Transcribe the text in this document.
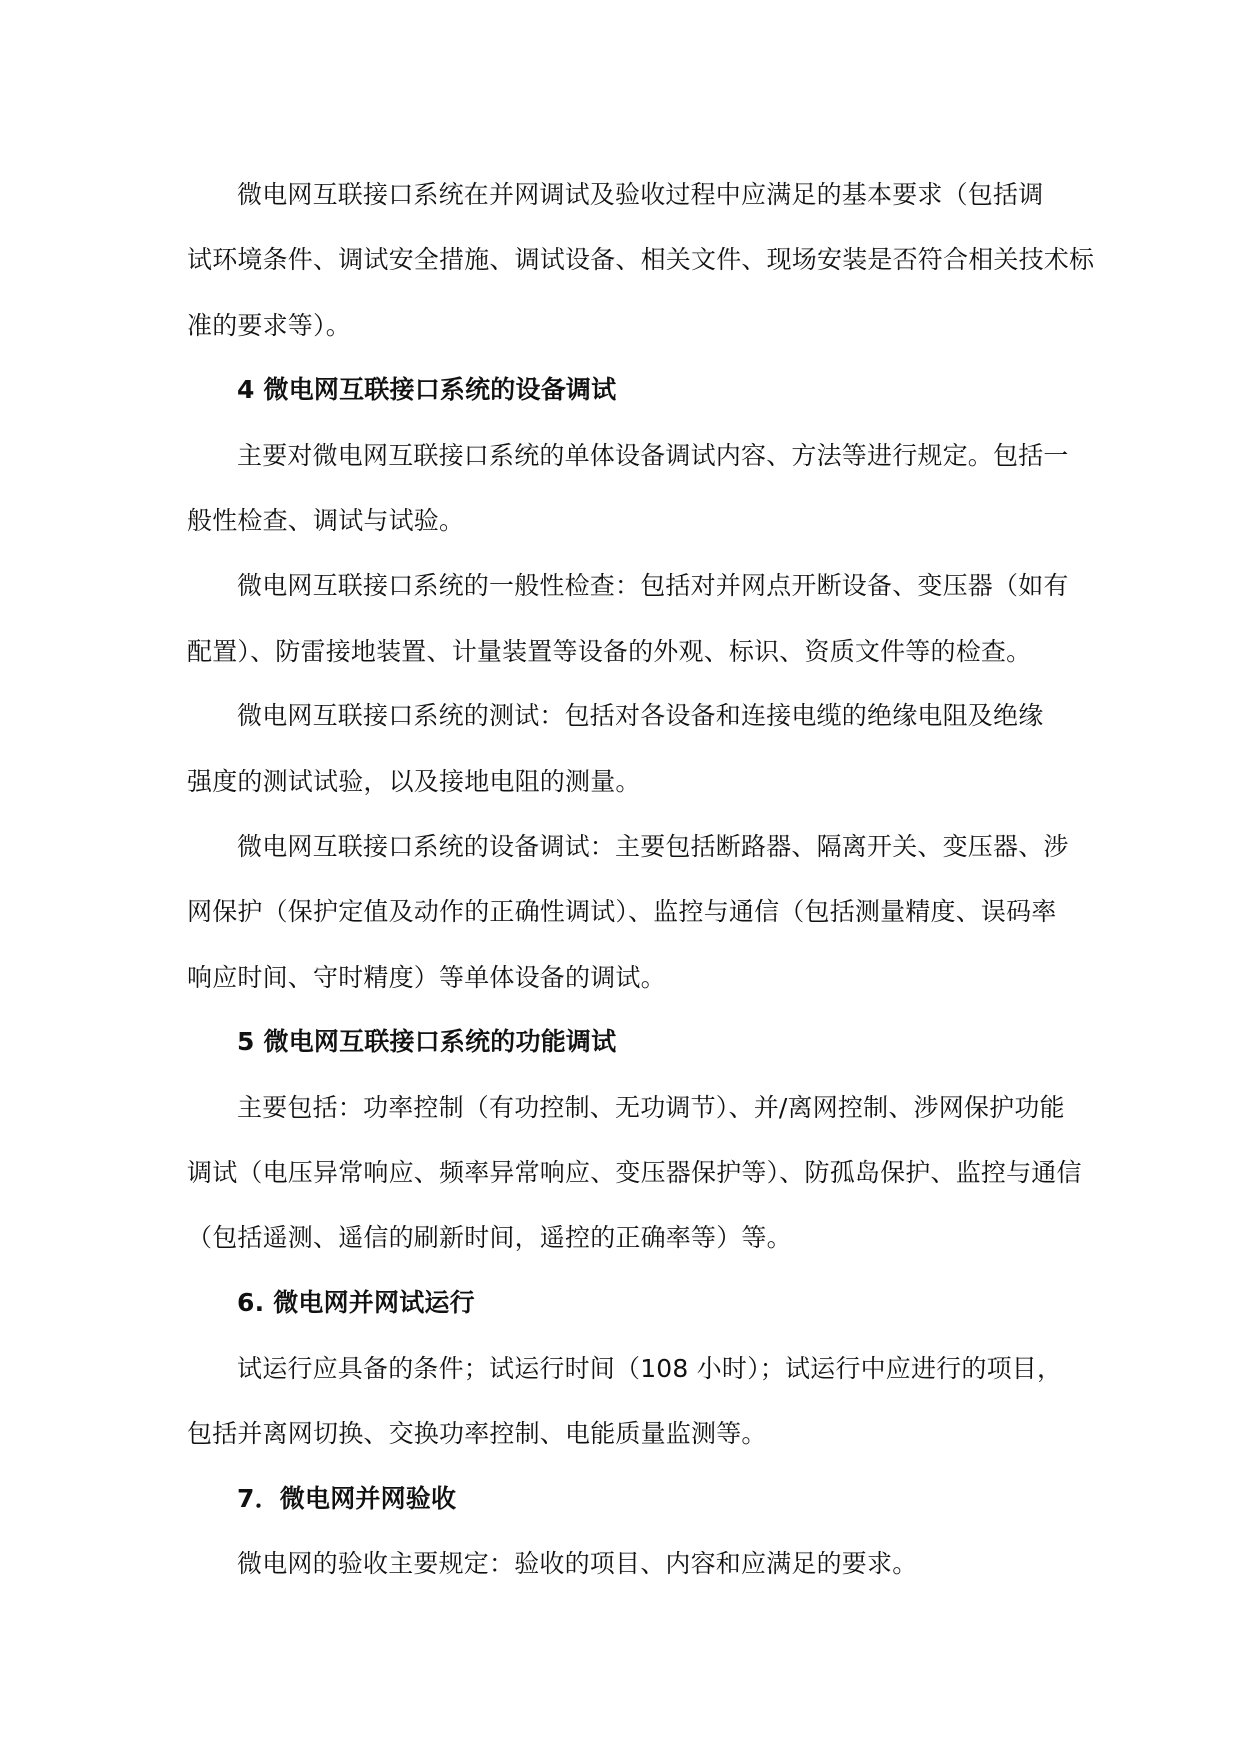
微电网互联接口系统在并网调试及验收过程中应满足的基本要求（包括调

试环境条件、调试安全措施、调试设备、相关文件、现场安装是否符合相关技术标

准的要求等）。

4 微电网互联接口系统的设备调试

主要对微电网互联接口系统的单体设备调试内容、方法等进行规定。包括一

般性检查、调试与试验。

微电网互联接口系统的一般性检查：包括对并网点开断设备、变压器（如有

配置）、防雷接地装置、计量装置等设备的外观、标识、资质文件等的检查。

微电网互联接口系统的测试：包括对各设备和连接电缆的绝缘电阻及绝缘

强度的测试试验，以及接地电阻的测量。

微电网互联接口系统的设备调试：主要包括断路器、隔离开关、变压器、涉

网保护（保护定值及动作的正确性调试）、监控与通信（包括测量精度、误码率

响应时间、守时精度）等单体设备的调试。

5 微电网互联接口系统的功能调试

主要包括：功率控制（有功控制、无功调节）、并/离网控制、涉网保护功能

调试（电压异常响应、频率异常响应、变压器保护等）、防孤岛保护、监控与通信

（包括遥测、遥信的刷新时间，遥控的正确率等）等。

6. 微电网并网试运行

试运行应具备的条件；试运行时间（108 小时）；试运行中应进行的项目，

包括并离网切换、交换功率控制、电能质量监测等。

7．微电网并网验收

微电网的验收主要规定：验收的项目、内容和应满足的要求。
